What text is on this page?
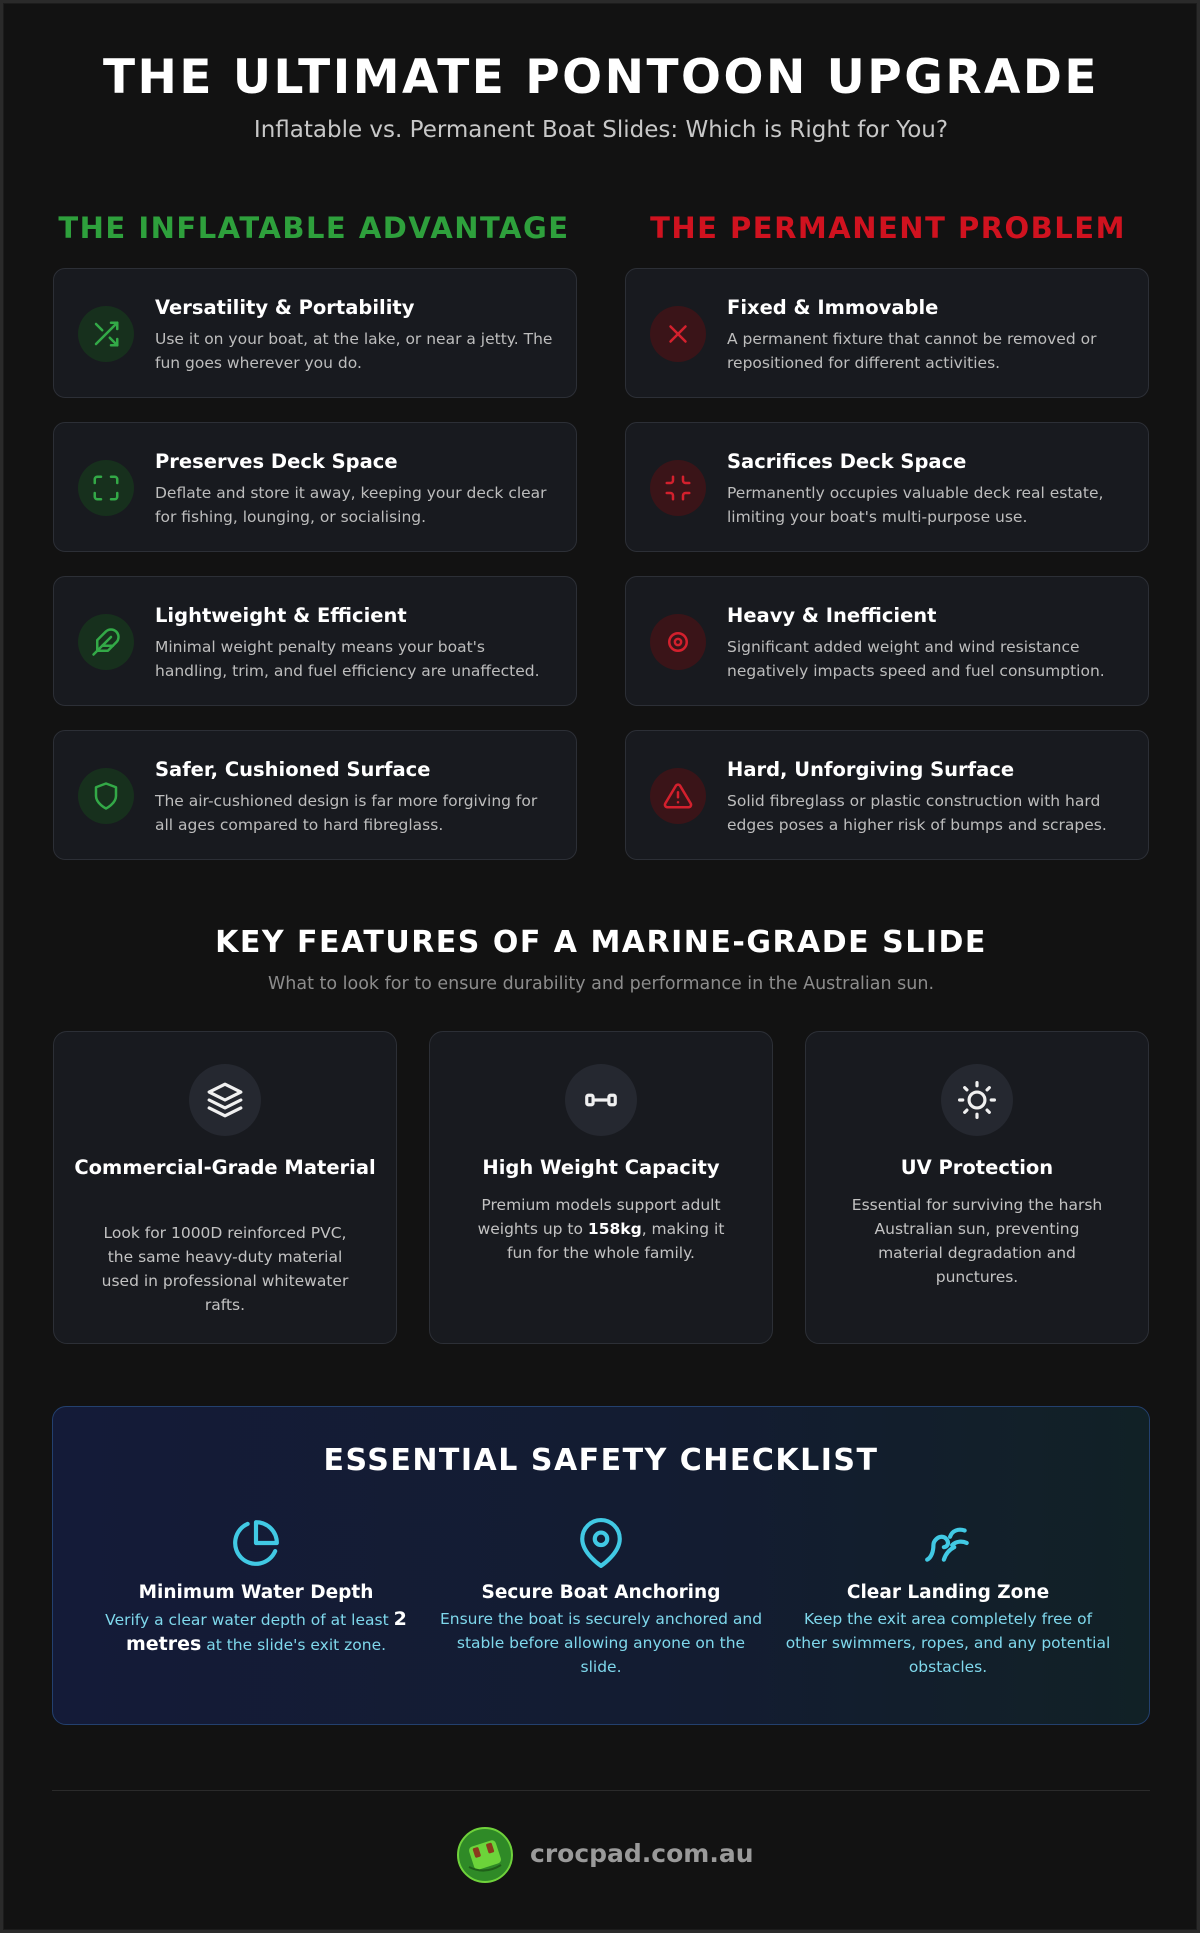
THE ULTIMATE PONTOON UPGRADE
Inflatable vs. Permanent Boat Slides: Which is Right for You?
THE INFLATABLE ADVANTAGE	THE PERMANENT PROBLEM
Versatility & Portability
Use it on your boat, at the lake, or near a jetty. The fun goes wherever you do.
Preserves Deck Space
Deflate and store it away, keeping your deck clear for fishing, lounging, or socialising.
Lightweight & Efficient
Minimal weight penalty means your boat's handling, trim, and fuel efficiency are unaffected.
Safer, Cushioned Surface
The air-cushioned design is far more forgiving for all ages compared to hard fibreglass.
Fixed & Immovable
A permanent fixture that cannot be removed or repositioned for different activities.
Sacrifices Deck Space
Permanently occupies valuable deck real estate, limiting your boat's multi-purpose use.
Heavy & Inefficient
Significant added weight and wind resistance negatively impacts speed and fuel consumption.
Hard, Unforgiving Surface
Solid fibreglass or plastic construction with hard edges poses a higher risk of bumps and scrapes.
KEY FEATURES OF A MARINE-GRADE SLIDE
What to look for to ensure durability and performance in the Australian sun.
Commercial-Grade Material
Look for 1000D reinforced PVC, the same heavy-duty material used in professional whitewater rafts.
High Weight Capacity
Premium models support adult weights up to 158kg, making it fun for the whole family.
UV Protection
Essential for surviving the harsh Australian sun, preventing material degradation and punctures.
ESSENTIAL SAFETY CHECKLIST
Minimum Water Depth
Verify a clear water depth of at least 2 metres at the slide's exit zone.
Secure Boat Anchoring
Ensure the boat is securely anchored and stable before allowing anyone on the slide.
Clear Landing Zone
Keep the exit area completely free of other swimmers, ropes, and any potential obstacles.
crocpad.com.au
